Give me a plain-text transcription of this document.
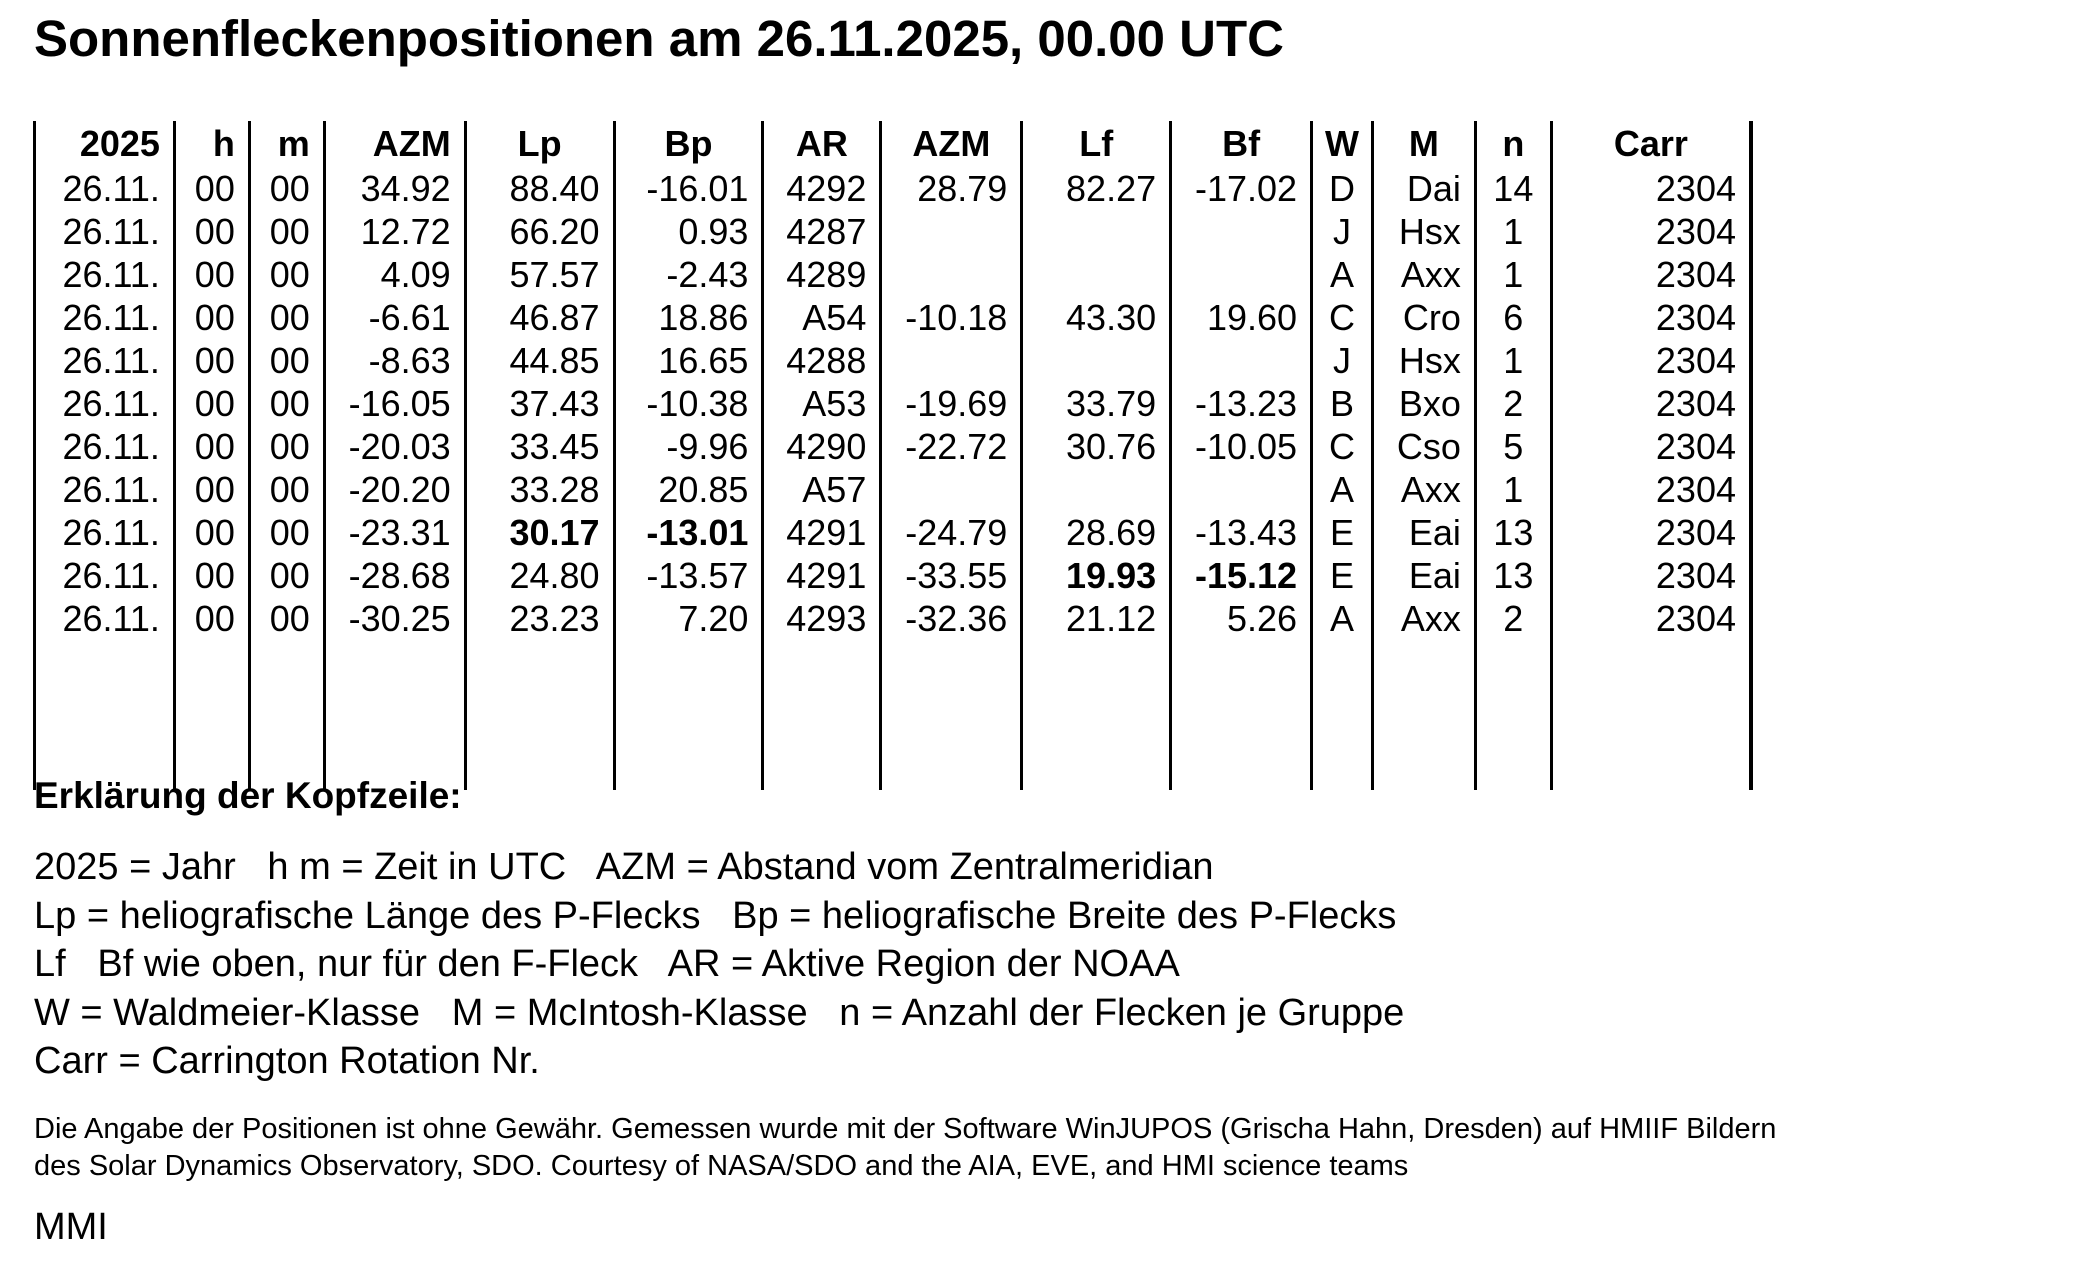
Sonnenfleckenpositionen am 26.11.2025, 00.00 UTC
2025	h	m	AZM	Lp	Bp	AR	AZM	Lf	Bf	W	M	n	Carr
26.11.	00	00	34.92	88.40	-16.01	4292	28.79	82.27	-17.02	D	Dai	14	2304
26.11.	00	00	12.72	66.20	0.93	4287				J	Hsx	1	2304
26.11.	00	00	4.09	57.57	-2.43	4289				A	Axx	1	2304
26.11.	00	00	-6.61	46.87	18.86	A54	-10.18	43.30	19.60	C	Cro	6	2304
26.11.	00	00	-8.63	44.85	16.65	4288				J	Hsx	1	2304
26.11.	00	00	-16.05	37.43	-10.38	A53	-19.69	33.79	-13.23	B	Bxo	2	2304
26.11.	00	00	-20.03	33.45	-9.96	4290	-22.72	30.76	-10.05	C	Cso	5	2304
26.11.	00	00	-20.20	33.28	20.85	A57				A	Axx	1	2304
26.11.	00	00	-23.31	30.17	-13.01	4291	-24.79	28.69	-13.43	E	Eai	13	2304
26.11.	00	00	-28.68	24.80	-13.57	4291	-33.55	19.93	-15.12	E	Eai	13	2304
26.11.	00	00	-30.25	23.23	7.20	4293	-32.36	21.12	5.26	A	Axx	2	2304

Erklärung der Kopfzeile:
2025 = Jahr   h m = Zeit in UTC   AZM = Abstand vom Zentralmeridian
Lp = heliografische Länge des P-Flecks   Bp = heliografische Breite des P-Flecks
Lf   Bf wie oben, nur für den F-Fleck   AR = Aktive Region der NOAA
W = Waldmeier-Klasse   M = McIntosh-Klasse   n = Anzahl der Flecken je Gruppe
Carr = Carrington Rotation Nr.
Die Angabe der Positionen ist ohne Gewähr. Gemessen wurde mit der Software WinJUPOS (Grischa Hahn, Dresden) auf HMIIF Bildern
des Solar Dynamics Observatory, SDO. Courtesy of NASA/SDO and the AIA, EVE, and HMI science teams
MMI
